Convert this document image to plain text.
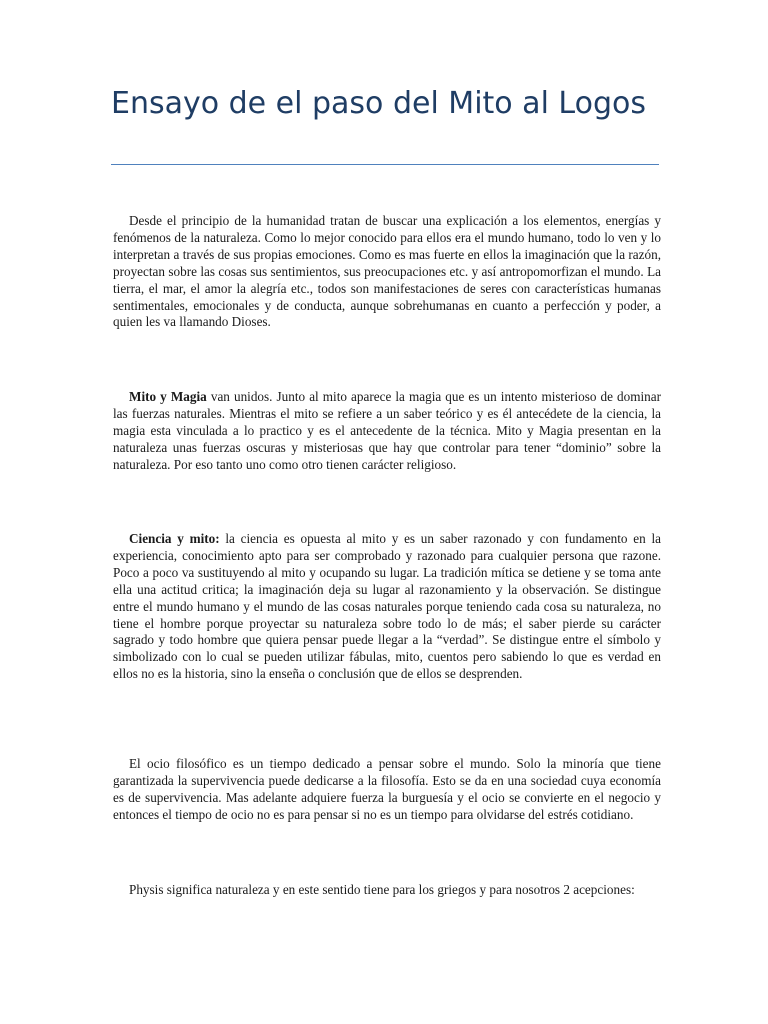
Ensayo de el paso del Mito al Logos

Desde el principio de la humanidad tratan de buscar una explicación a los elementos, energías y fenómenos de la naturaleza. Como lo mejor conocido para ellos era el mundo humano, todo lo ven y lo interpretan a través de sus propias emociones. Como es mas fuerte en ellos la imaginación que la razón, proyectan sobre las cosas sus sentimientos, sus preocupaciones etc. y así antropomorfizan el mundo. La tierra, el mar, el amor la alegría etc., todos son manifestaciones de seres con características humanas sentimentales, emocionales y de conducta, aunque sobrehumanas en cuanto a perfección y poder, a quien les va llamando Dioses.

Mito y Magia van unidos. Junto al mito aparece la magia que es un intento misterioso de dominar las fuerzas naturales. Mientras el mito se refiere a un saber teórico y es él antecédete de la ciencia, la magia esta vinculada a lo practico y es el antecedente de la técnica. Mito y Magia presentan en la naturaleza unas fuerzas oscuras y misteriosas que hay que controlar para tener “dominio” sobre la naturaleza. Por eso tanto uno como otro tienen carácter religioso.

Ciencia y mito: la ciencia es opuesta al mito y es un saber razonado y con fundamento en la experiencia, conocimiento apto para ser comprobado y razonado para cualquier persona que razone. Poco a poco va sustituyendo al mito y ocupando su lugar. La tradición mítica se detiene y se toma ante ella una actitud critica; la imaginación deja su lugar al razonamiento y la observación. Se distingue entre el mundo humano y el mundo de las cosas naturales porque teniendo cada cosa su naturaleza, no tiene el hombre porque proyectar su naturaleza sobre todo lo de más; el saber pierde su carácter sagrado y todo hombre que quiera pensar puede llegar a la “verdad”. Se distingue entre el símbolo y simbolizado con lo cual se pueden utilizar fábulas, mito, cuentos pero sabiendo lo que es verdad en ellos no es la historia, sino la enseña o conclusión que de ellos se desprenden.

El ocio filosófico es un tiempo dedicado a pensar sobre el mundo. Solo la minoría que tiene garantizada la supervivencia puede dedicarse a la filosofía. Esto se da en una sociedad cuya economía es de supervivencia. Mas adelante adquiere fuerza la burguesía y el ocio se convierte en el negocio y entonces el tiempo de ocio no es para pensar si no es un tiempo para olvidarse del estrés cotidiano.

Physis significa naturaleza y en este sentido tiene para los griegos y para nosotros 2 acepciones:
